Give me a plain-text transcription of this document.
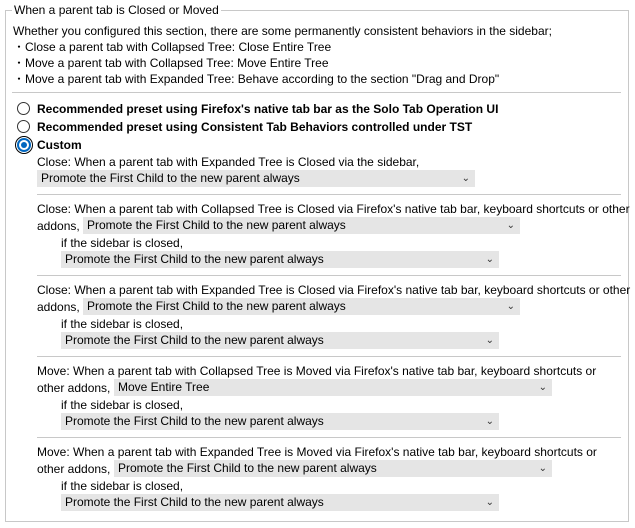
When a parent tab is Closed or Moved
Whether you configured this section, there are some permanently consistent behaviors in the sidebar;
・Close a parent tab with Collapsed Tree: Close Entire Tree
・Move a parent tab with Collapsed Tree: Move Entire Tree
・Move a parent tab with Expanded Tree: Behave according to the section "Drag and Drop"
Recommended preset using Firefox's native tab bar as the Solo Tab Operation UI
Recommended preset using Consistent Tab Behaviors controlled under TST
Custom
Close: When a parent tab with Expanded Tree is Closed via the sidebar,
Promote the First Child to the new parent always	⌄
Close: When a parent tab with Collapsed Tree is Closed via Firefox's native tab bar, keyboard shortcuts or other
addons, Promote the First Child to the new parent always	⌄
if the sidebar is closed,
Promote the First Child to the new parent always	⌄
Close: When a parent tab with Expanded Tree is Closed via Firefox's native tab bar, keyboard shortcuts or other
addons, Promote the First Child to the new parent always	⌄
if the sidebar is closed,
Promote the First Child to the new parent always	⌄
Move: When a parent tab with Collapsed Tree is Moved via Firefox's native tab bar, keyboard shortcuts or
other addons, Move Entire Tree	⌄
if the sidebar is closed,
Promote the First Child to the new parent always	⌄
Move: When a parent tab with Expanded Tree is Moved via Firefox's native tab bar, keyboard shortcuts or
other addons, Promote the First Child to the new parent always	⌄
if the sidebar is closed,
Promote the First Child to the new parent always	⌄
